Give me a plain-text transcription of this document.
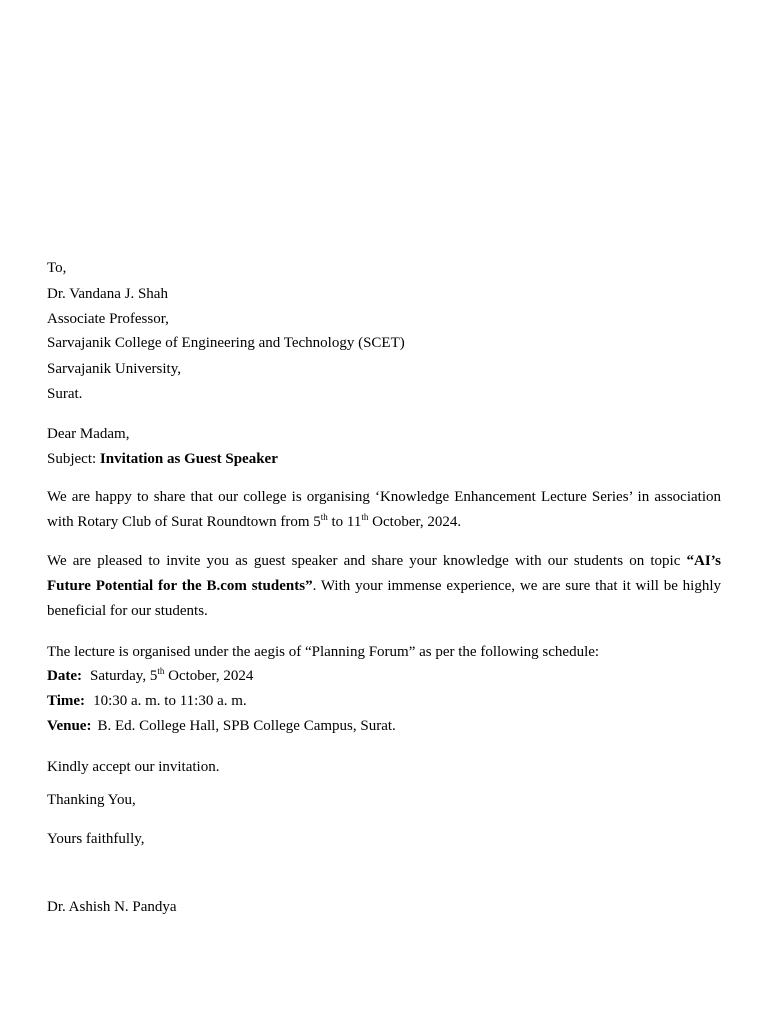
To,
Dr. Vandana J. Shah
Associate Professor,
Sarvajanik College of Engineering and Technology (SCET)
Sarvajanik University,
Surat.
Dear Madam,
Subject: Invitation as Guest Speaker
We are happy to share that our college is organising ‘Knowledge Enhancement Lecture Series’ in association with Rotary Club of Surat Roundtown from 5th to 11th October, 2024.
We are pleased to invite you as guest speaker and share your knowledge with our students on topic “AI’s Future Potential for the B.com students”. With your immense experience, we are sure that it will be highly beneficial for our students.
The lecture is organised under the aegis of “Planning Forum” as per the following schedule:
Date: Saturday, 5th October, 2024
Time: 10:30 a. m. to 11:30 a. m.
Venue: B. Ed. College Hall, SPB College Campus, Surat.
Kindly accept our invitation.
Thanking You,
Yours faithfully,
Dr. Ashish N. Pandya
